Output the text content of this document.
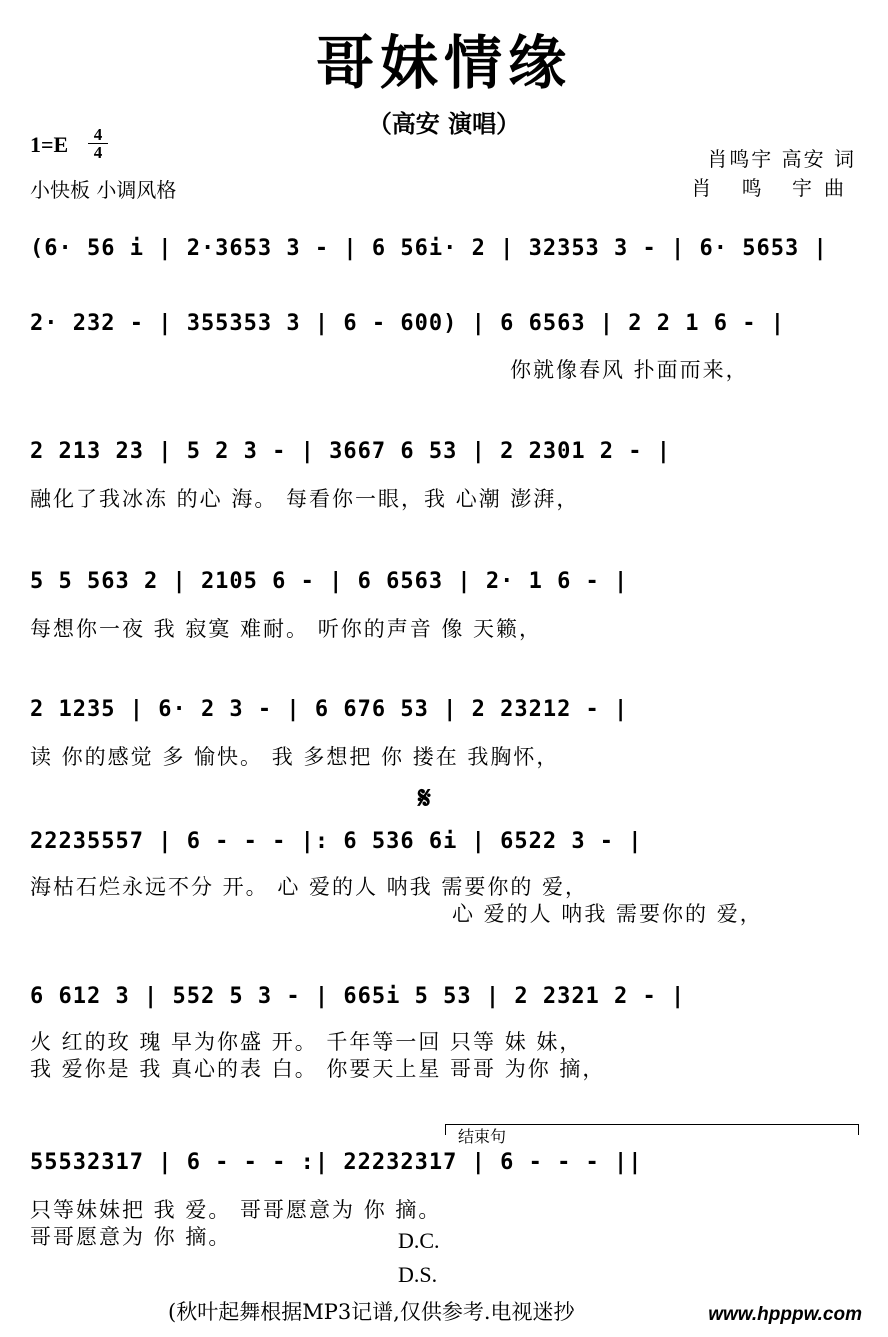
哥妹情缘
（高安 演唱）
1=E	4
4
小快板 小调风格
肖鸣宇 高安 词
肖 鸣 宇曲
(6· 56 i | 2·3653 3 - | 6 56i· 2 | 32353 3 - | 6· 5653 |
2· 232 - | 355353 3 | 6 - 600) | 6 6563 | 2 2 1 6 - |
你就像春风 扑面而来，
2 213 23 | 5 2 3 - | 3667 6 53 | 2 2301 2 - |
融化了我冰冻 的心 海。 每看你一眼，我 心潮 澎湃，
5 5 563 2 | 2105 6 - | 6 6563 | 2· 1 6 - |
每想你一夜 我 寂寞 难耐。 听你的声音 像 天籁，
2 1235 | 6· 2 3 - | 6 676 53 | 2 23212 - |
读 你的感觉 多 愉快。 我 多想把 你 搂在 我胸怀，
𝄋
22235557 | 6 - - - |: 6 536 6i | 6522 3 - |
海枯石烂永远不分 开。 心 爱的人 呐我 需要你的 爱，
心 爱的人 呐我 需要你的 爱，
6 612 3 | 552 5 3 - | 665i 5 53 | 2 2321 2 - |
火 红的玫 瑰 早为你盛 开。 千年等一回 只等 妹 妹，
我 爱你是 我 真心的表 白。 你要天上星 哥哥 为你 摘，
结束句
55532317 | 6 - - - :| 22232317 | 6 - - - ||
只等妹妹把 我 爱。 哥哥愿意为 你 摘。
哥哥愿意为 你 摘。	D.C.
D.S.
(秋叶起舞根据MP3记谱,仅供参考.电视迷抄	www.hpppw.com
